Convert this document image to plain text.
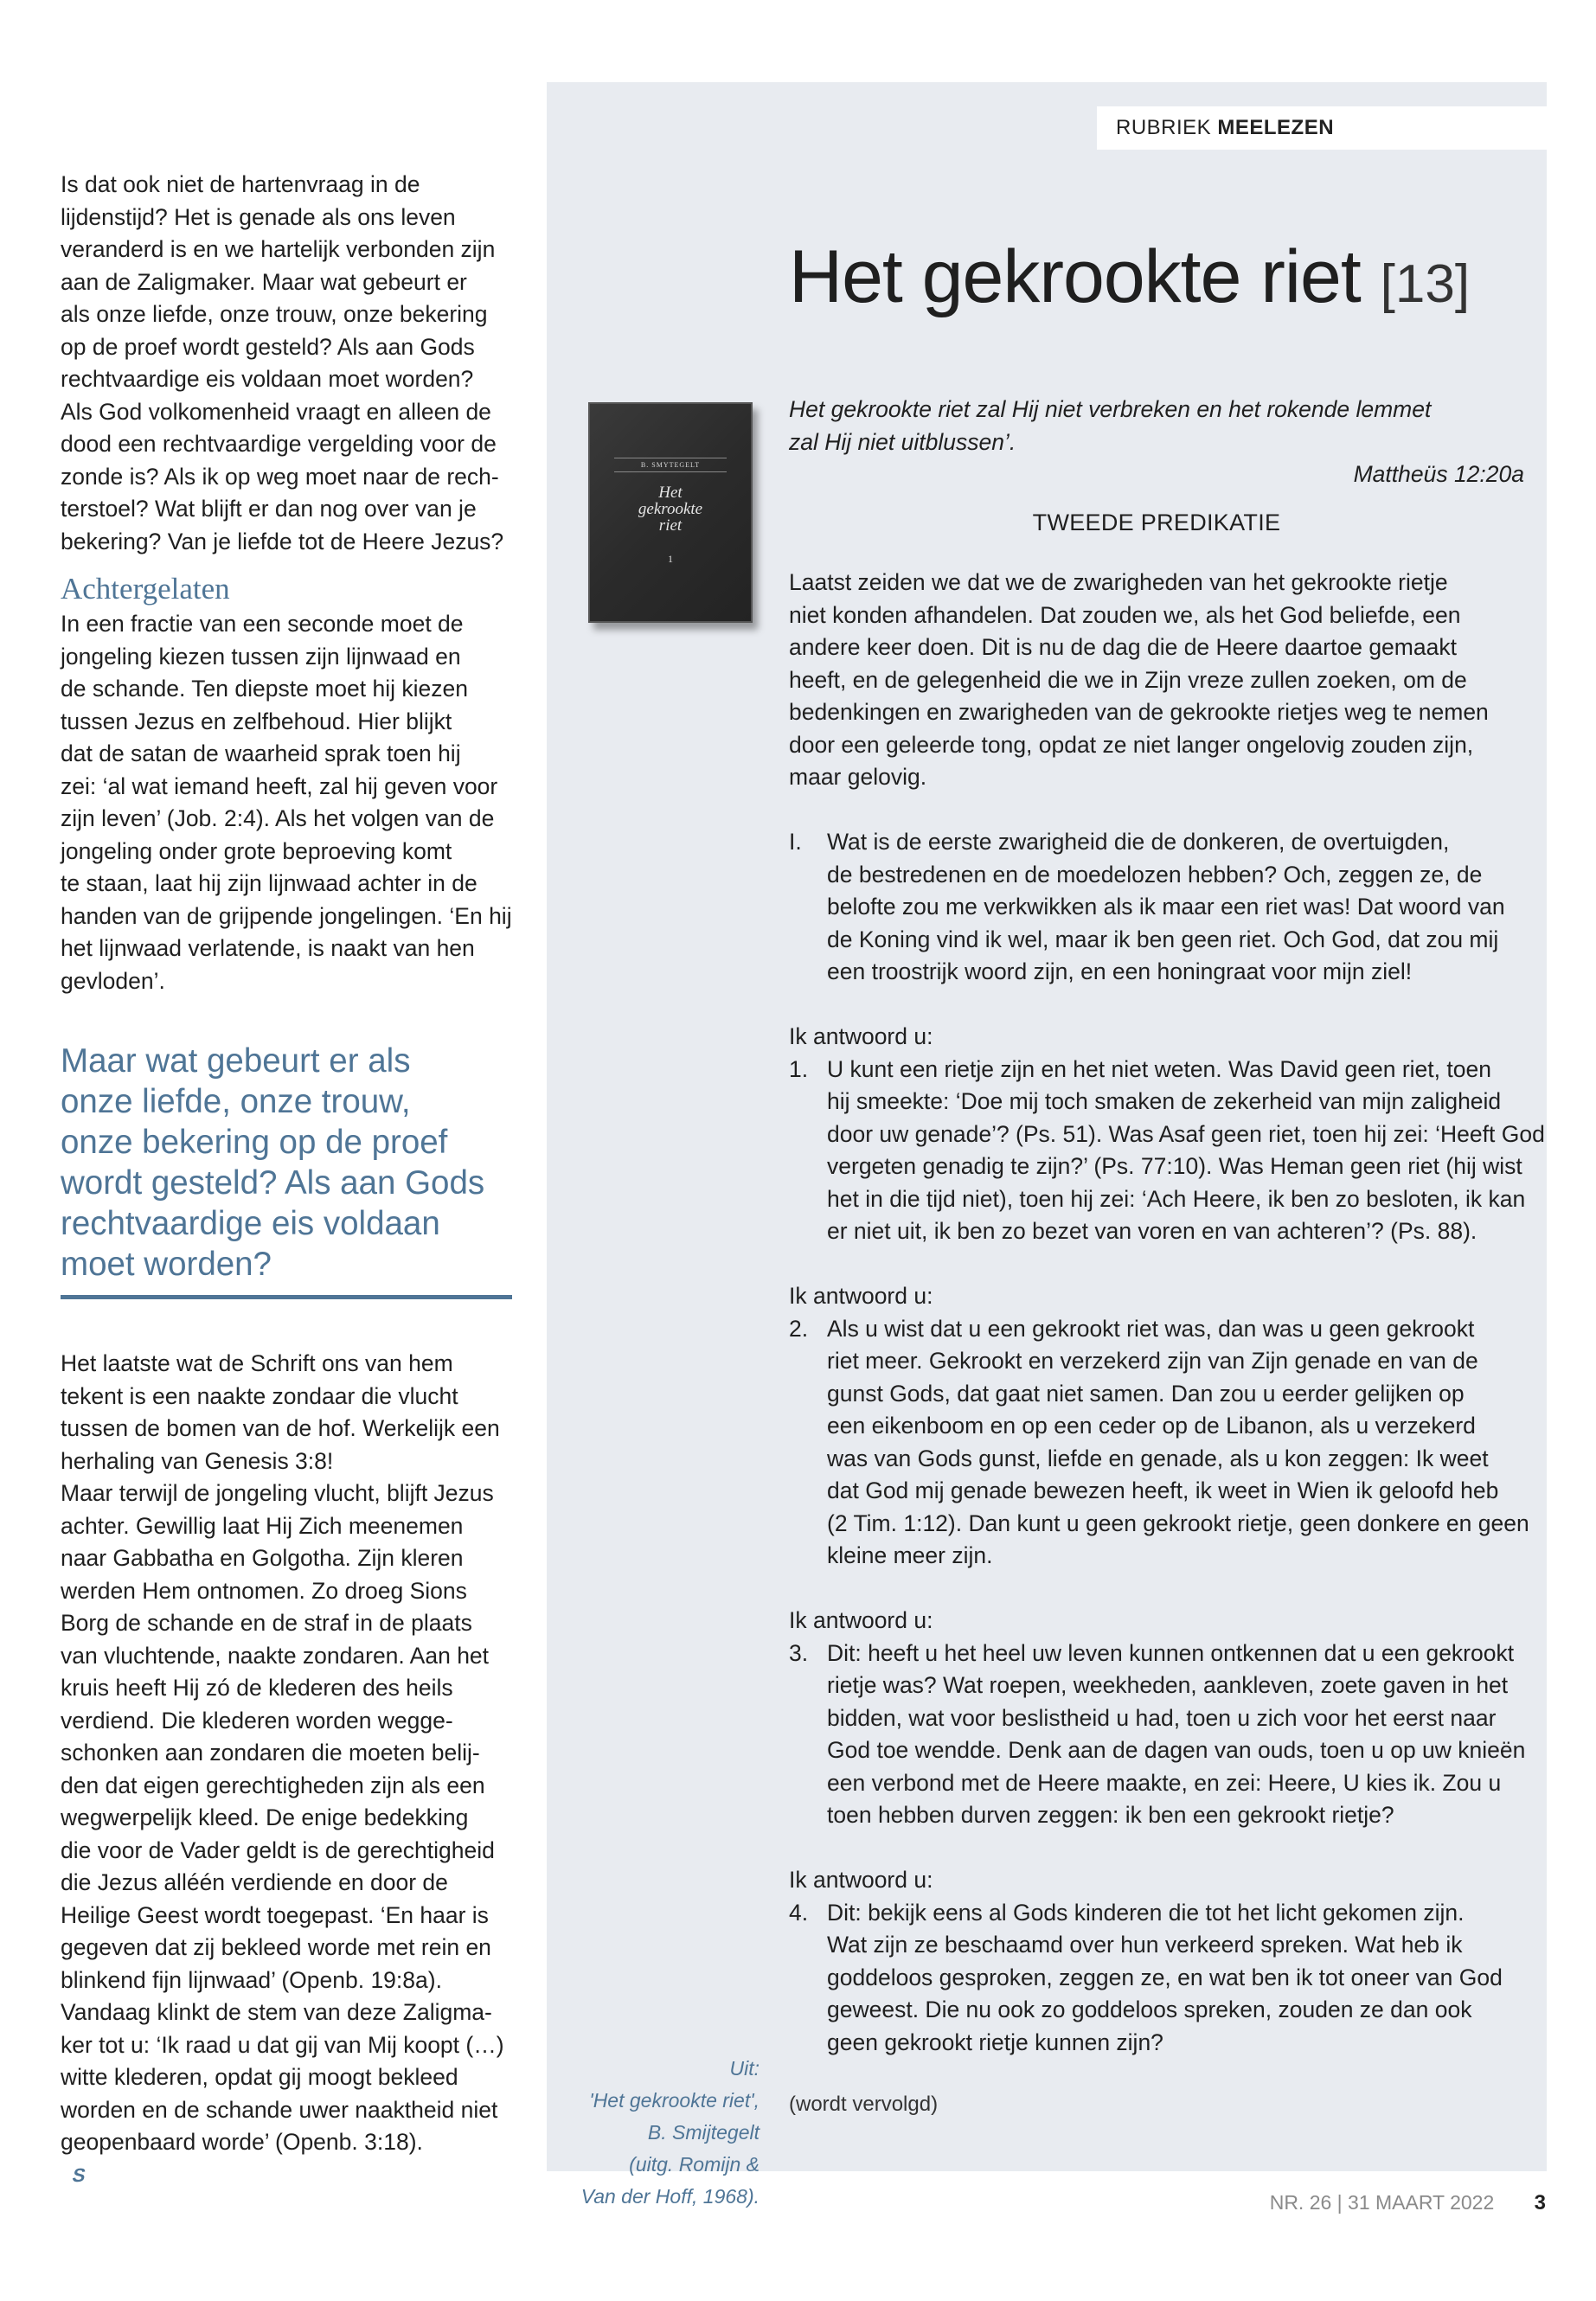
Is dat ook niet de hartenvraag in de
lijdenstijd? Het is genade als ons leven
veranderd is en we hartelijk verbonden zijn
aan de Zaligmaker. Maar wat gebeurt er
als onze liefde, onze trouw, onze bekering
op de proef wordt gesteld? Als aan Gods
rechtvaardige eis voldaan moet worden?
Als God volkomenheid vraagt en alleen de
dood een rechtvaardige vergelding voor de
zonde is? Als ik op weg moet naar de rech-
terstoel? Wat blijft er dan nog over van je
bekering? Van je liefde tot de Heere Jezus?
Achtergelaten
In een fractie van een seconde moet de
jongeling kiezen tussen zijn lijnwaad en
de schande. Ten diepste moet hij kiezen
tussen Jezus en zelfbehoud. Hier blijkt
dat de satan de waarheid sprak toen hij
zei: ‘al wat iemand heeft, zal hij geven voor
zijn leven’ (Job. 2:4). Als het volgen van de
jongeling onder grote beproeving komt
te staan, laat hij zijn lijnwaad achter in de
handen van de grijpende jongelingen. ‘En hij
het lijnwaad verlatende, is naakt van hen
gevloden’.
Maar wat gebeurt er als
onze liefde, onze trouw,
onze bekering op de proef
wordt gesteld? Als aan Gods
rechtvaardige eis voldaan
moet worden?
Het laatste wat de Schrift ons van hem
tekent is een naakte zondaar die vlucht
tussen de bomen van de hof. Werkelijk een
herhaling van Genesis 3:8!
Maar terwijl de jongeling vlucht, blijft Jezus
achter. Gewillig laat Hij Zich meenemen
naar Gabbatha en Golgotha. Zijn kleren
werden Hem ontnomen. Zo droeg Sions
Borg de schande en de straf in de plaats
van vluchtende, naakte zondaren. Aan het
kruis heeft Hij zó de klederen des heils
verdiend. Die klederen worden wegge-
schonken aan zondaren die moeten belij-
den dat eigen gerechtigheden zijn als een
wegwerpelijk kleed. De enige bedekking
die voor de Vader geldt is de gerechtigheid
die Jezus alléén verdiende en door de
Heilige Geest wordt toegepast. ‘En haar is
gegeven dat zij bekleed worde met rein en
blinkend fijn lijnwaad’ (Openb. 19:8a).
Vandaag klinkt de stem van deze Zaligma-
ker tot u: ‘Ik raad u dat gij van Mij koopt (…)
witte klederen, opdat gij moogt bekleed
worden en de schande uwer naaktheid niet
geopenbaard worde’ (Openb. 3:18).
S
RUBRIEK MEELEZEN
Het gekrookte riet [13]
B. SMYTEGELT
Het
gekrookte
riet
1
Uit:
'Het gekrookte riet',
B. Smijtegelt
(uitg. Romijn &
Van der Hoff, 1968).
Het gekrookte riet zal Hij niet verbreken en het rokende lemmet
zal Hij niet uitblussen’.
Mattheüs 12:20a
TWEEDE PREDIKATIE
Laatst zeiden we dat we de zwarigheden van het gekrookte rietje
niet konden afhandelen. Dat zouden we, als het God beliefde, een
andere keer doen. Dit is nu de dag die de Heere daartoe gemaakt
heeft, en de gelegenheid die we in Zijn vreze zullen zoeken, om de
bedenkingen en zwarigheden van de gekrookte rietjes weg te nemen
door een geleerde tong, opdat ze niet langer ongelovig zouden zijn,
maar gelovig.
I. Wat is de eerste zwarigheid die de donkeren, de overtuigden,
de bestredenen en de moedelozen hebben? Och, zeggen ze, de
belofte zou me verkwikken als ik maar een riet was! Dat woord van
de Koning vind ik wel, maar ik ben geen riet. Och God, dat zou mij
een troostrijk woord zijn, en een honingraat voor mijn ziel!
Ik antwoord u:
1. U kunt een rietje zijn en het niet weten. Was David geen riet, toen
hij smeekte: ‘Doe mij toch smaken de zekerheid van mijn zaligheid
door uw genade’? (Ps. 51). Was Asaf geen riet, toen hij zei: ‘Heeft God
vergeten genadig te zijn?’ (Ps. 77:10). Was Heman geen riet (hij wist
het in die tijd niet), toen hij zei: ‘Ach Heere, ik ben zo besloten, ik kan
er niet uit, ik ben zo bezet van voren en van achteren’? (Ps. 88).
Ik antwoord u:
2. Als u wist dat u een gekrookt riet was, dan was u geen gekrookt
riet meer. Gekrookt en verzekerd zijn van Zijn genade en van de
gunst Gods, dat gaat niet samen. Dan zou u eerder gelijken op
een eikenboom en op een ceder op de Libanon, als u verzekerd
was van Gods gunst, liefde en genade, als u kon zeggen: Ik weet
dat God mij genade bewezen heeft, ik weet in Wien ik geloofd heb
(2 Tim. 1:12). Dan kunt u geen gekrookt rietje, geen donkere en geen
kleine meer zijn.
Ik antwoord u:
3. Dit: heeft u het heel uw leven kunnen ontkennen dat u een gekrookt
rietje was? Wat roepen, weekheden, aankleven, zoete gaven in het
bidden, wat voor beslistheid u had, toen u zich voor het eerst naar
God toe wendde. Denk aan de dagen van ouds, toen u op uw knieën
een verbond met de Heere maakte, en zei: Heere, U kies ik. Zou u
toen hebben durven zeggen: ik ben een gekrookt rietje?
Ik antwoord u:
4. Dit: bekijk eens al Gods kinderen die tot het licht gekomen zijn.
Wat zijn ze beschaamd over hun verkeerd spreken. Wat heb ik
goddeloos gesproken, zeggen ze, en wat ben ik tot oneer van God
geweest. Die nu ook zo goddeloos spreken, zouden ze dan ook
geen gekrookt rietje kunnen zijn?
(wordt vervolgd)
NR. 26 | 31 MAART 2022 3
